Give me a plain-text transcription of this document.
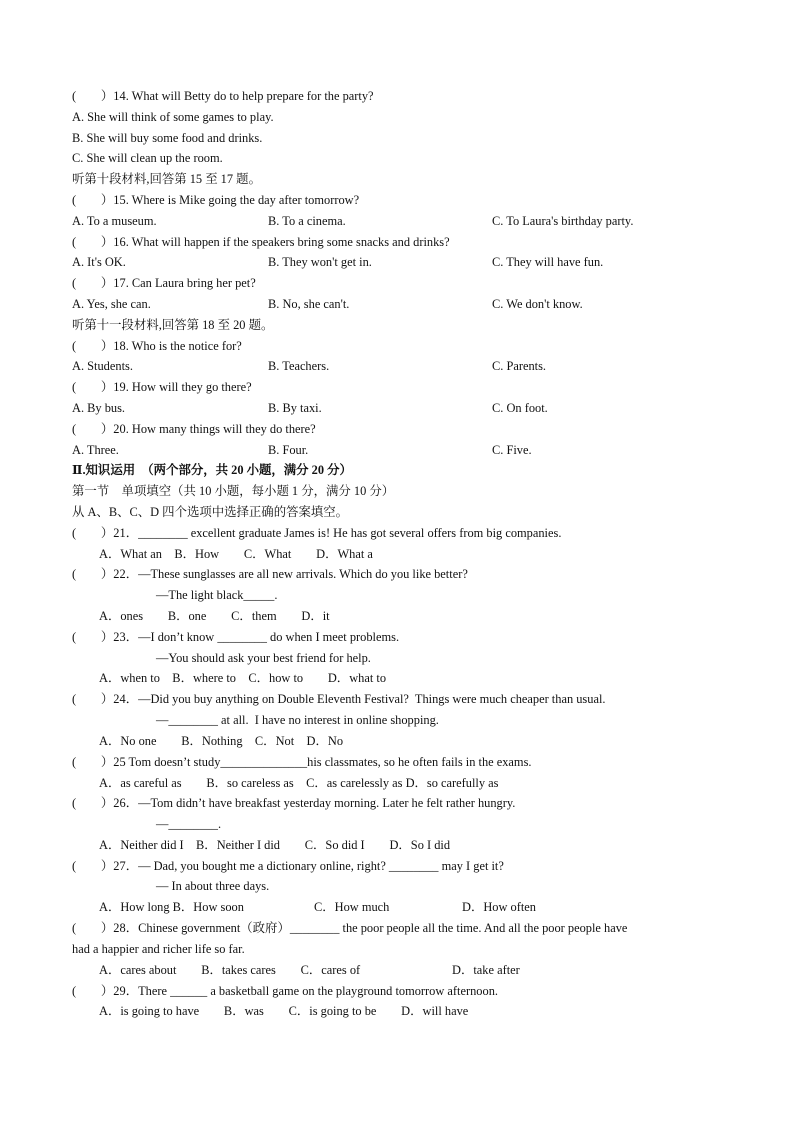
(　　）14. What will Betty do to help prepare for the party?
A. She will think of some games to play.
B. She will buy some food and drinks.
C. She will clean up the room.
听第十段材料,回答第 15 至 17 题。
(　　）15. Where is Mike going the day after tomorrow?
A. To a museum.	B. To a cinema.	C. To Laura's birthday party.
(　　）16. What will happen if the speakers bring some snacks and drinks?
A. It's OK.	B. They won't get in.	C. They will have fun.
(　　）17. Can Laura bring her pet?
A. Yes, she can.	B. No, she can't.	C. We don't know.
听第十一段材料,回答第 18 至 20 题。
(　　）18. Who is the notice for?
A. Students.	B. Teachers.	C. Parents.
(　　）19. How will they go there?
A. By bus.	B. By taxi.	C. On foot.
(　　）20. How many things will they do there?
A. Three.	B. Four.	C. Five.
Ⅱ.知识运用　（两个部分，共 20 小题，满分 20 分）
第一节　单项填空（共 10 小题，每小题 1 分，满分 10 分）
从 A、B、C、D 四个选项中选择正确的答案填空。
(　　）21．________ excellent graduate James is! He has got several offers from big companies.
A．What an　B．How　　C．What　　D．What a
(　　）22．—These sunglasses are all new arrivals. Which do you like better?
—The light black_____.
A．ones　　B．one　　C．them　　D．it
(　　）23．—I don’t know ________ do when I meet problems.
—You should ask your best friend for help.
A．when to　B．where to　C．how to　　D．what to
(　　）24．—Did you buy anything on Double Eleventh Festival?  Things were much cheaper than usual.
—________ at all.  I have no interest in online shopping.
A．No one　　B．Nothing　C．Not　D．No
(　　）25 Tom doesn’t study______________his classmates, so he often fails in the exams.
A．as careful as　　B．so careless as　C．as carelessly as D．so carefully as
(　　）26．—Tom didn’t have breakfast yesterday morning. Later he felt rather hungry.
—________.
A．Neither did I　B．Neither I did　　C．So did I　　D．So I did
(　　）27．— Dad, you bought me a dictionary online, right? ________ may I get it?
— In about three days.
A．How long B．How soon	C．How much	D．How often
(　　）28．Chinese government（政府）________ the poor people all the time. And all the poor people have
had a happier and richer life so far.
A．cares about　　B．takes cares　　C．cares of	D．take after
(　　）29．There ______ a basketball game on the playground tomorrow afternoon.
A．is going to have　　B．was　　C．is going to be　　D．will have
